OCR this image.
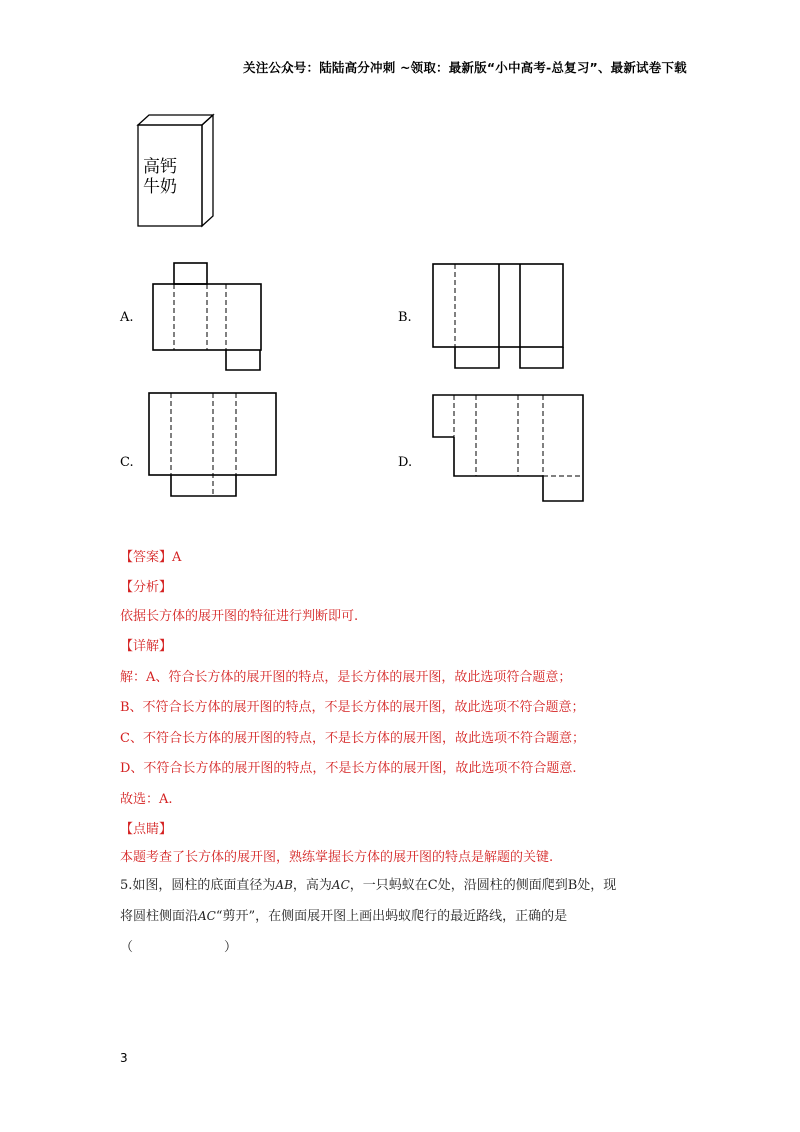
关注公众号：陆陆高分冲刺 ~领取：最新版“小中高考-总复习”、最新试卷下载
高钙
牛奶
A.	B.
C.	D.
【答案】A
【分析】
依据长方体的展开图的特征进行判断即可.
【详解】
解：A、符合长方体的展开图的特点，是长方体的展开图，故此选项符合题意；
B、不符合长方体的展开图的特点，不是长方体的展开图，故此选项不符合题意；
C、不符合长方体的展开图的特点，不是长方体的展开图，故此选项不符合题意；
D、不符合长方体的展开图的特点，不是长方体的展开图，故此选项不符合题意.
故选：A.
【点睛】
本题考查了长方体的展开图，熟练掌握长方体的展开图的特点是解题的关键.
5.如图，圆柱的底面直径为AB，高为AC，一只蚂蚁在C处，沿圆柱的侧面爬到B处，现
将圆柱侧面沿AC“剪开”，在侧面展开图上画出蚂蚁爬行的最近路线，正确的是
（　　　　　　　）
3
